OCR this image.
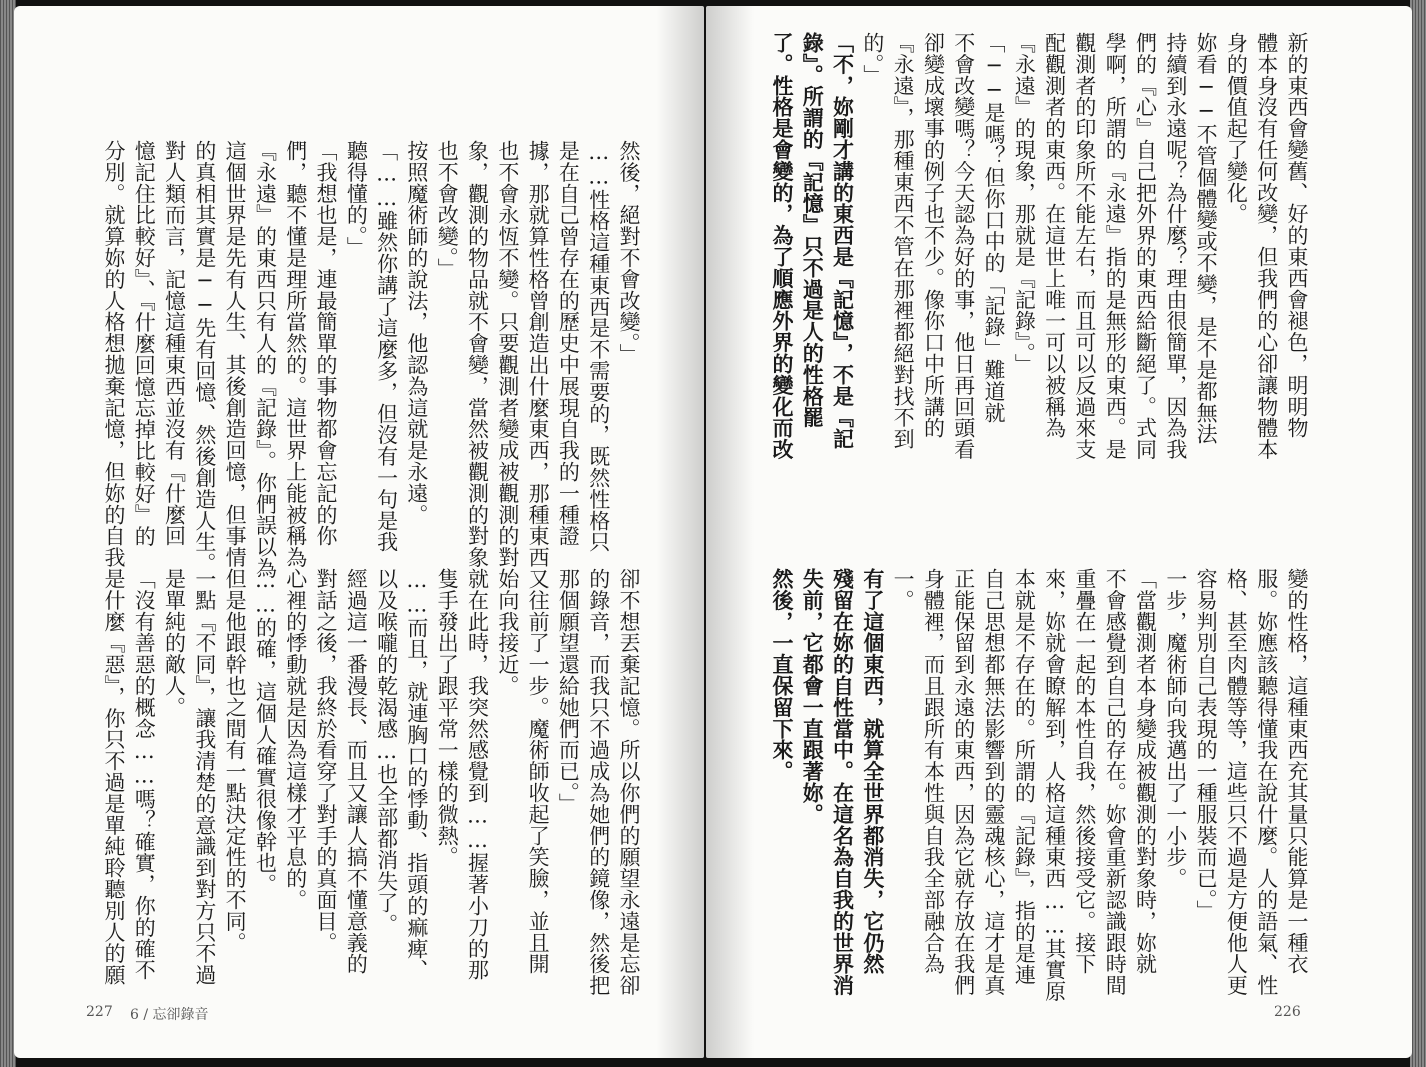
然後，絕對不會改變。」

……性格這種東西是不需要的，既然性格只

是在自己曾存在的歷史中展現自我的一種證

據，那就算性格曾創造出什麼東西，那種東西

也不會永恆不變。只要觀測者變成被觀測的對

象，觀測的物品就不會變，當然被觀測的對象

也不會改變。」

按照魔術師的說法，他認為這就是永遠。

「……雖然你講了這麼多，但沒有一句是我

聽得懂的。」

「我想也是，連最簡單的事物都會忘記的你

們，聽不懂是理所當然的。這世界上能被稱為

『永遠』的東西只有人的『記錄』。你們誤以為

這個世界是先有人生、其後創造回憶，但事情

的真相其實是──先有回憶、然後創造人生。

對人類而言，記憶這種東西並沒有『什麼回

憶記住比較好』、『什麼回憶忘掉比較好』的

分別。就算妳的人格想拋棄記憶，但妳的自我

卻不想丟棄記憶。所以你們的願望永遠是忘卻

的錄音，而我只不過成為她們的鏡像，然後把

那個願望還給她們而已。」

又往前了一步。魔術師收起了笑臉，並且開

始向我接近。

就在此時，我突然感覺到……握著小刀的那

隻手發出了跟平常一樣的微熱。

……而且，就連胸口的悸動、指頭的痲痺、

以及喉嚨的乾渴感…也全部都消失了。

經過這一番漫長、而且又讓人搞不懂意義的

對話之後，我終於看穿了對手的真面目。

心裡的悸動就是因為這樣才平息的。

……的確，這個人確實很像幹也。

但是他跟幹也之間有一點決定性的不同。

一點『不同』，讓我清楚的意識到對方只不過

是單純的敵人。

「沒有善惡的概念……嗎？確實，你的確不

是什麼『惡』，你只不過是單純聆聽別人的願

227 6 / 忘卻錄音

新的東西會變舊、好的東西會褪色，明明物

體本身沒有任何改變，但我們的心卻讓物體本

身的價值起了變化。

妳看──不管個體變或不變，是不是都無法

持續到永遠呢？為什麼？理由很簡單，因為我

們的『心』自己把外界的東西給斷絕了。式同

學啊，所謂的『永遠』指的是無形的東西。是

觀測者的印象所不能左右，而且可以反過來支

配觀測者的東西。在這世上唯一可以被稱為

『永遠』的現象，那就是『記錄』。」

「──是嗎？但你口中的「記錄」難道就

不會改變嗎？今天認為好的事，他日再回頭看

卻變成壞事的例子也不少。像你口中所講的

『永遠』，那種東西不管在那裡都絕對找不到

的。」

「不，妳剛才講的東西是『記憶』，不是『記

錄』。所謂的『記憶』只不過是人的性格罷

了。性格是會變的，為了順應外界的變化而改

變的性格，這種東西充其量只能算是一種衣

服。妳應該聽得懂我在說什麼。人的語氣、性

格、甚至肉體等等，這些只不過是方便他人更

容易判別自己表現的一種服裝而已。」

一步，魔術師向我邁出了一小步。

「當觀測者本身變成被觀測的對象時，妳就

不會感覺到自己的存在。妳會重新認識跟時間

重疊在一起的本性自我，然後接受它。接下

來，妳就會瞭解到，人格這種東西……其實原

本就是不存在的。所謂的『記錄』，指的是連

自己思想都無法影響到的靈魂核心，這才是真

正能保留到永遠的東西，因為它就存放在我們

身體裡，而且跟所有本性與自我全部融合為

一。

有了這個東西，就算全世界都消失，它仍然

殘留在妳的自性當中。在這名為自我的世界消

失前，它都會一直跟著妳。

然後，一直保留下來。

226
